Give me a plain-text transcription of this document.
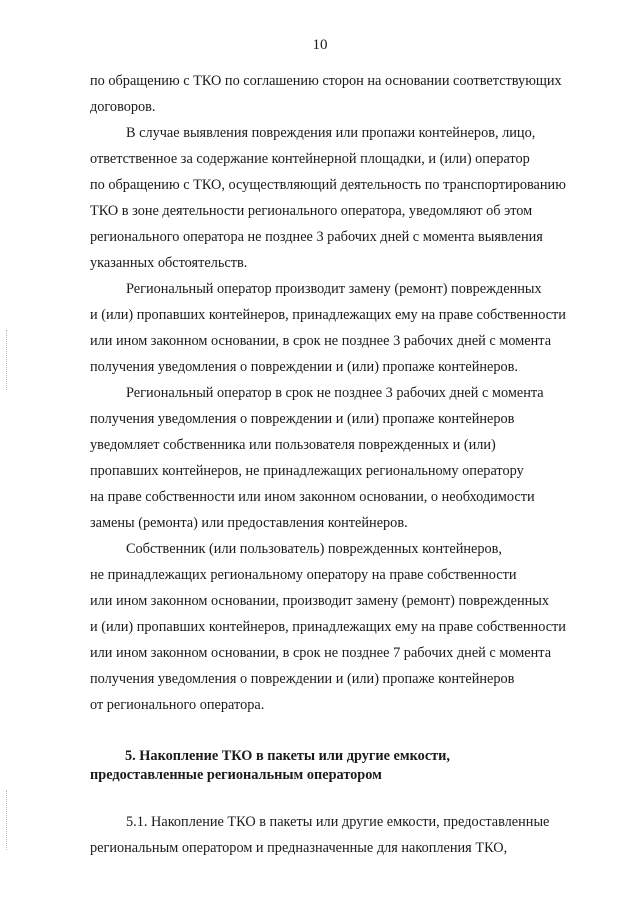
10

по обращению с ТКО по соглашению сторон на основании соответствующих
договоров.

В случае выявления повреждения или пропажи контейнеров, лицо,
ответственное за содержание контейнерной площадки, и (или) оператор
по обращению с ТКО, осуществляющий деятельность по транспортированию
ТКО в зоне деятельности регионального оператора, уведомляют об этом
регионального оператора не позднее 3 рабочих дней с момента выявления
указанных обстоятельств.

Региональный оператор производит замену (ремонт) поврежденных
и (или) пропавших контейнеров, принадлежащих ему на праве собственности
или ином законном основании, в срок не позднее 3 рабочих дней с момента
получения уведомления о повреждении и (или) пропаже контейнеров.

Региональный оператор в срок не позднее 3 рабочих дней с момента
получения уведомления о повреждении и (или) пропаже контейнеров
уведомляет собственника или пользователя поврежденных и (или)
пропавших контейнеров, не принадлежащих региональному оператору
на праве собственности или ином законном основании, о необходимости
замены (ремонта) или предоставления контейнеров.

Собственник (или пользователь) поврежденных контейнеров,
не принадлежащих региональному оператору на праве собственности
или ином законном основании, производит замену (ремонт) поврежденных
и (или) пропавших контейнеров, принадлежащих ему на праве собственности
или ином законном основании, в срок не позднее 7 рабочих дней с момента
получения уведомления о повреждении и (или) пропаже контейнеров
от регионального оператора.

5. Накопление ТКО в пакеты или другие емкости,
предоставленные региональным оператором

5.1. Накопление ТКО в пакеты или другие емкости, предоставленные
региональным оператором и предназначенные для накопления ТКО,
